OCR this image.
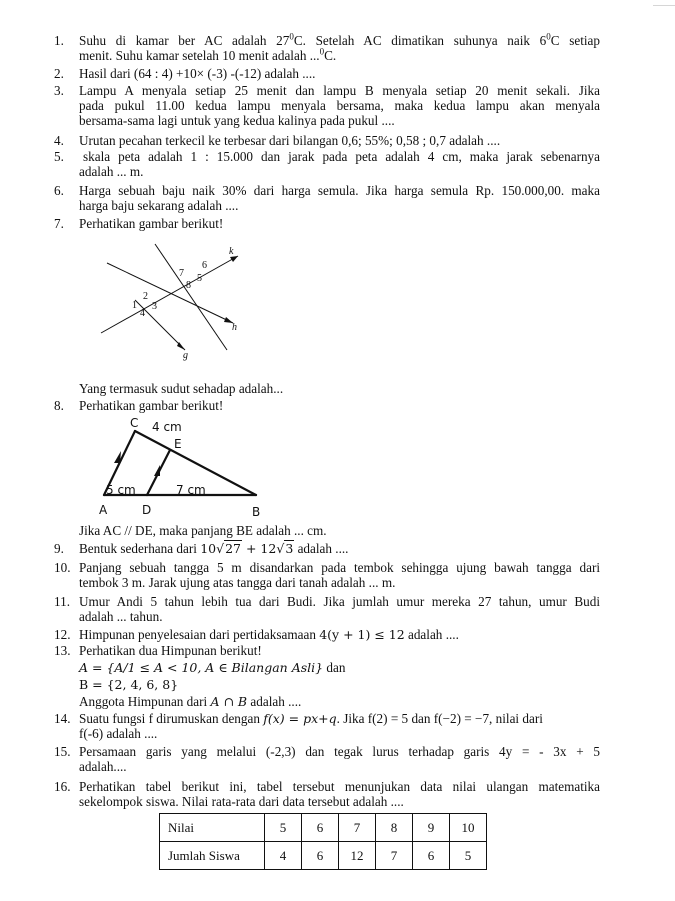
1. Suhu di kamar ber AC adalah $27^0C$. Setelah AC dimatikan suhunya naik $6^0C$ setiap
menit. Suhu kamar setelah 10 menit adalah ...$^0$C.
2. Hasil dari (64 : 4) +10× (-3) -(-12) adalah ....
3. Lampu A menyala setiap 25 menit dan lampu B menyala setiap 20 menit sekali. Jika
pada pukul 11.00 kedua lampu menyala bersama, maka kedua lampu akan menyala
bersama-sama lagi untuk yang kedua kalinya pada pukul ....
4. Urutan pecahan terkecil ke terbesar dari bilangan 0,6; 55%; 0,58 ; 0,7 adalah ....
5.	skala peta adalah 1 : 15.000 dan jarak pada peta adalah 4 cm, maka jarak sebenarnya
adalah ... m.
6. Harga sebuah baju naik 30% dari harga semula. Jika harga semula Rp. 150.000,00. maka
harga baju sekarang adalah ....
7. Perhatikan gambar berikut!
k
h
g
6
7 5
8
2
1 3
4
Yang termasuk sudut sehadap adalah...
8. Perhatikan gambar berikut!
C
E
A	D	B
4 cm
5 cm	7 cm
Jika AC // DE, maka panjang BE adalah ... cm.
9. Bentuk sederhana dari 10√27 + 12√3 adalah ....
10. Panjang sebuah tangga 5 m disandarkan pada tembok sehingga ujung bawah tangga dari
tembok 3 m. Jarak ujung atas tangga dari tanah adalah ... m.
11. Umur Andi 5 tahun lebih tua dari Budi. Jika jumlah umur mereka 27 tahun, umur Budi
adalah ... tahun.
12. Himpunan penyelesaian dari pertidaksamaan 4(y + 1) ≤ 12 adalah ....
13. Perhatikan dua Himpunan berikut!
A = {A/1 ≤ A < 10, A ∈ Bilangan Asli} dan
B = {2, 4, 6, 8}
Anggota Himpunan dari A ∩ B adalah ....
14. Suatu fungsi f dirumuskan dengan f(x) = px+q. Jika f(2) = 5 dan f(−2) = −7, nilai dari
f(-6) adalah ....
15. Persamaan garis yang melalui (-2,3) dan tegak lurus terhadap garis 4y = - 3x + 5
adalah....
16. Perhatikan tabel berikut ini, tabel tersebut menunjukan data nilai ulangan matematika
sekelompok siswa. Nilai rata-rata dari data tersebut adalah ....
Nilai	5	6	7	8	9	10
Jumlah Siswa	4	6	12	7	6	5
